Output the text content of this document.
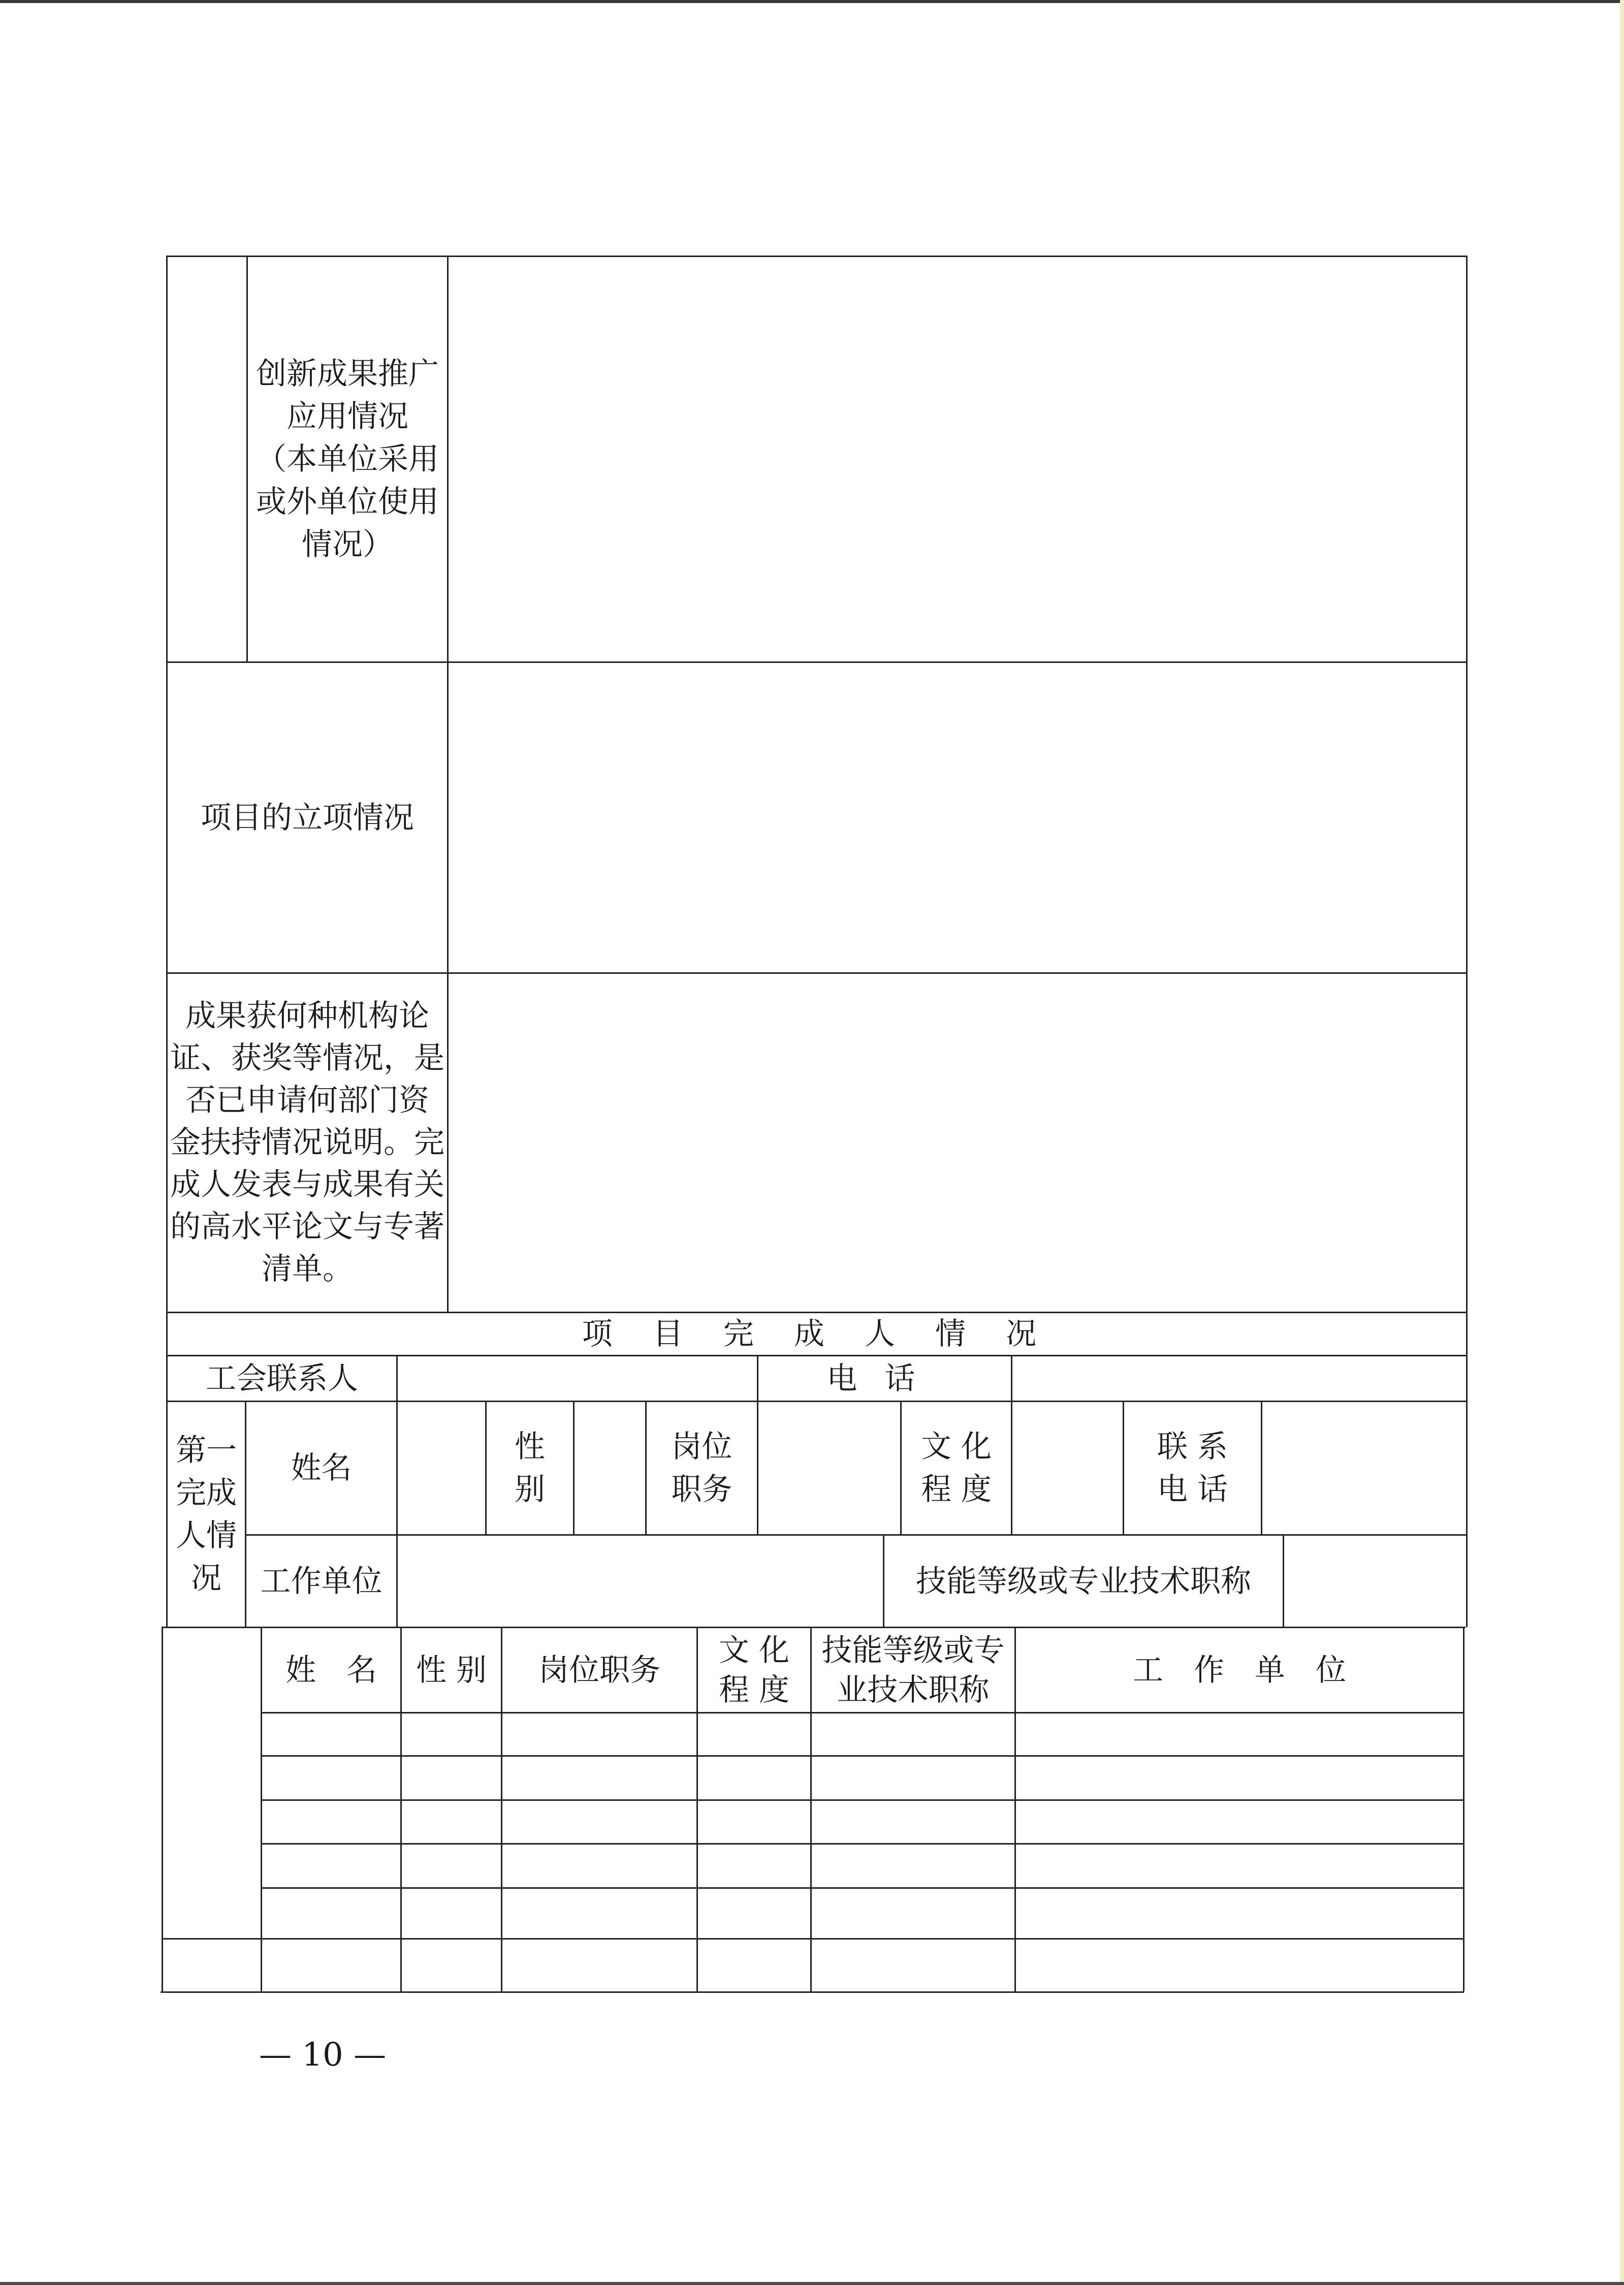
创新成果推广
应用情况
（本单位采用
或外单位使用
情况）
项目的立项情况
成果获何种机构论
证、获奖等情况，是
否已申请何部门资
金扶持情况说明。完
成人发表与成果有关
的高水平论文与专著
清单。
项 目 完 成 人 情 况
工会联系人	电话
第一
完成
人情
况
姓名
性
别
岗位
职务
文 化
程 度
联 系
电 话
工作单位	技能等级或专业技术职称
姓　名 性 别 岗位职务
文 化
程 度
技能等级或专
业技术职称
工　作　单　位
— 10 —
